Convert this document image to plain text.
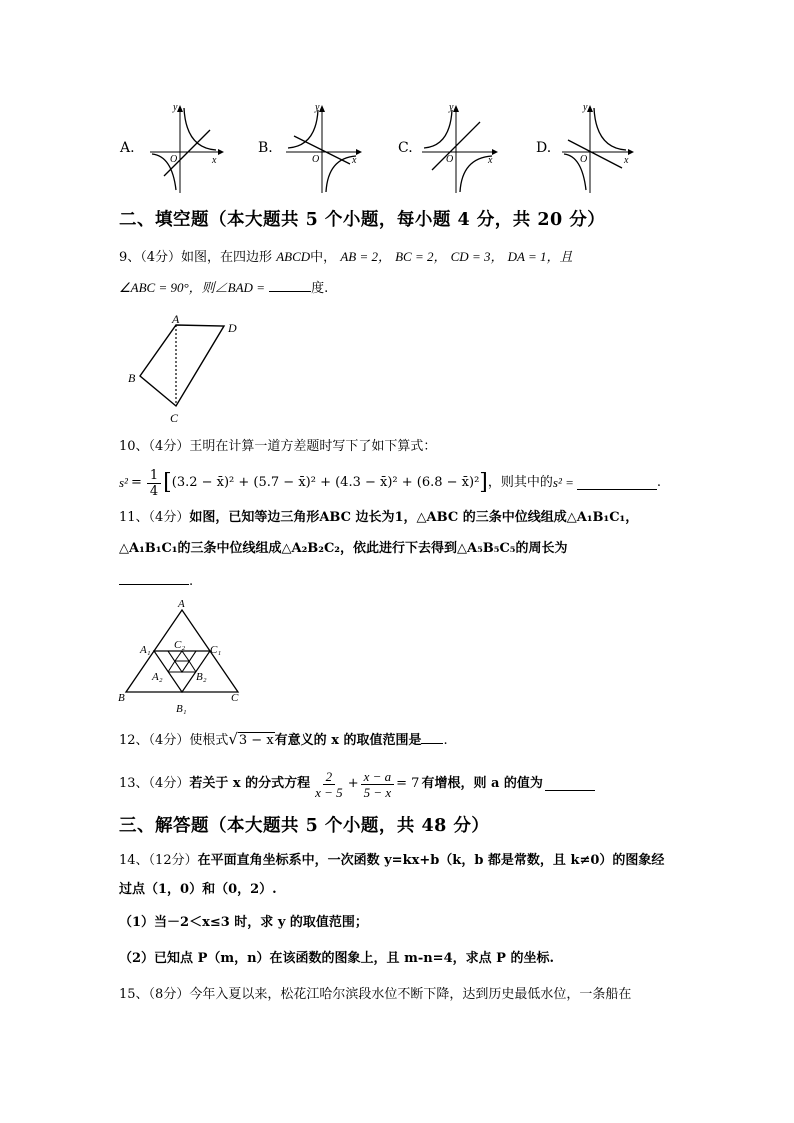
A.	B.	C.	D.
y
x
O
y
x
O
y
x
O
y
x
O
二、填空题（本大题共 5 个小题，每小题 4 分，共 20 分）
9、（4分）如图，在四边形 ABCD中， AB = 2， BC = 2， CD = 3， DA = 1，且
∠ABC = 90°，则∠BAD =	度.
A
D
B
C
10、（4分）王明在计算一道方差题时写下了如下算式：
$s^2 = \frac{1}{4}$ [ (3.2 − x̄)² + (5.7 − x̄)² + (4.3 − x̄)² + (6.8 − x̄)² ] ，则其中的 s² =	.
11、（4分）如图，已知等边三角形ABC 边长为1，△ABC 的三条中位线组成△A₁B₁C₁，
△A₁B₁C₁的三条中位线组成△A₂B₂C₂，依此进行下去得到△A₅B₅C₅的周长为
.
A
B	C
A₁	C₁
B₁
C₂
A₂	B₂
12、（4分）使根式√3 − x有意义的 x 的取值范围是 .
13、（4分） 若关于 x 的分式方程 $\frac{2}{x - 5} + \frac{x - a}{5 - x} = 7$ 有增根，则 a 的值为
三、解答题（本大题共 5 个小题，共 48 分）
14、（12分）在平面直角坐标系中，一次函数 y=kx+b（k，b 都是常数，且 k≠0）的图象经
过点（1，0）和（0，2）.
（1）当－2＜x≤3 时，求 y 的取值范围；
（2）已知点 P（m，n）在该函数的图象上，且 m-n=4，求点 P 的坐标.
15、（8分）今年入夏以来，松花江哈尔滨段水位不断下降，达到历史最低水位，一条船在
